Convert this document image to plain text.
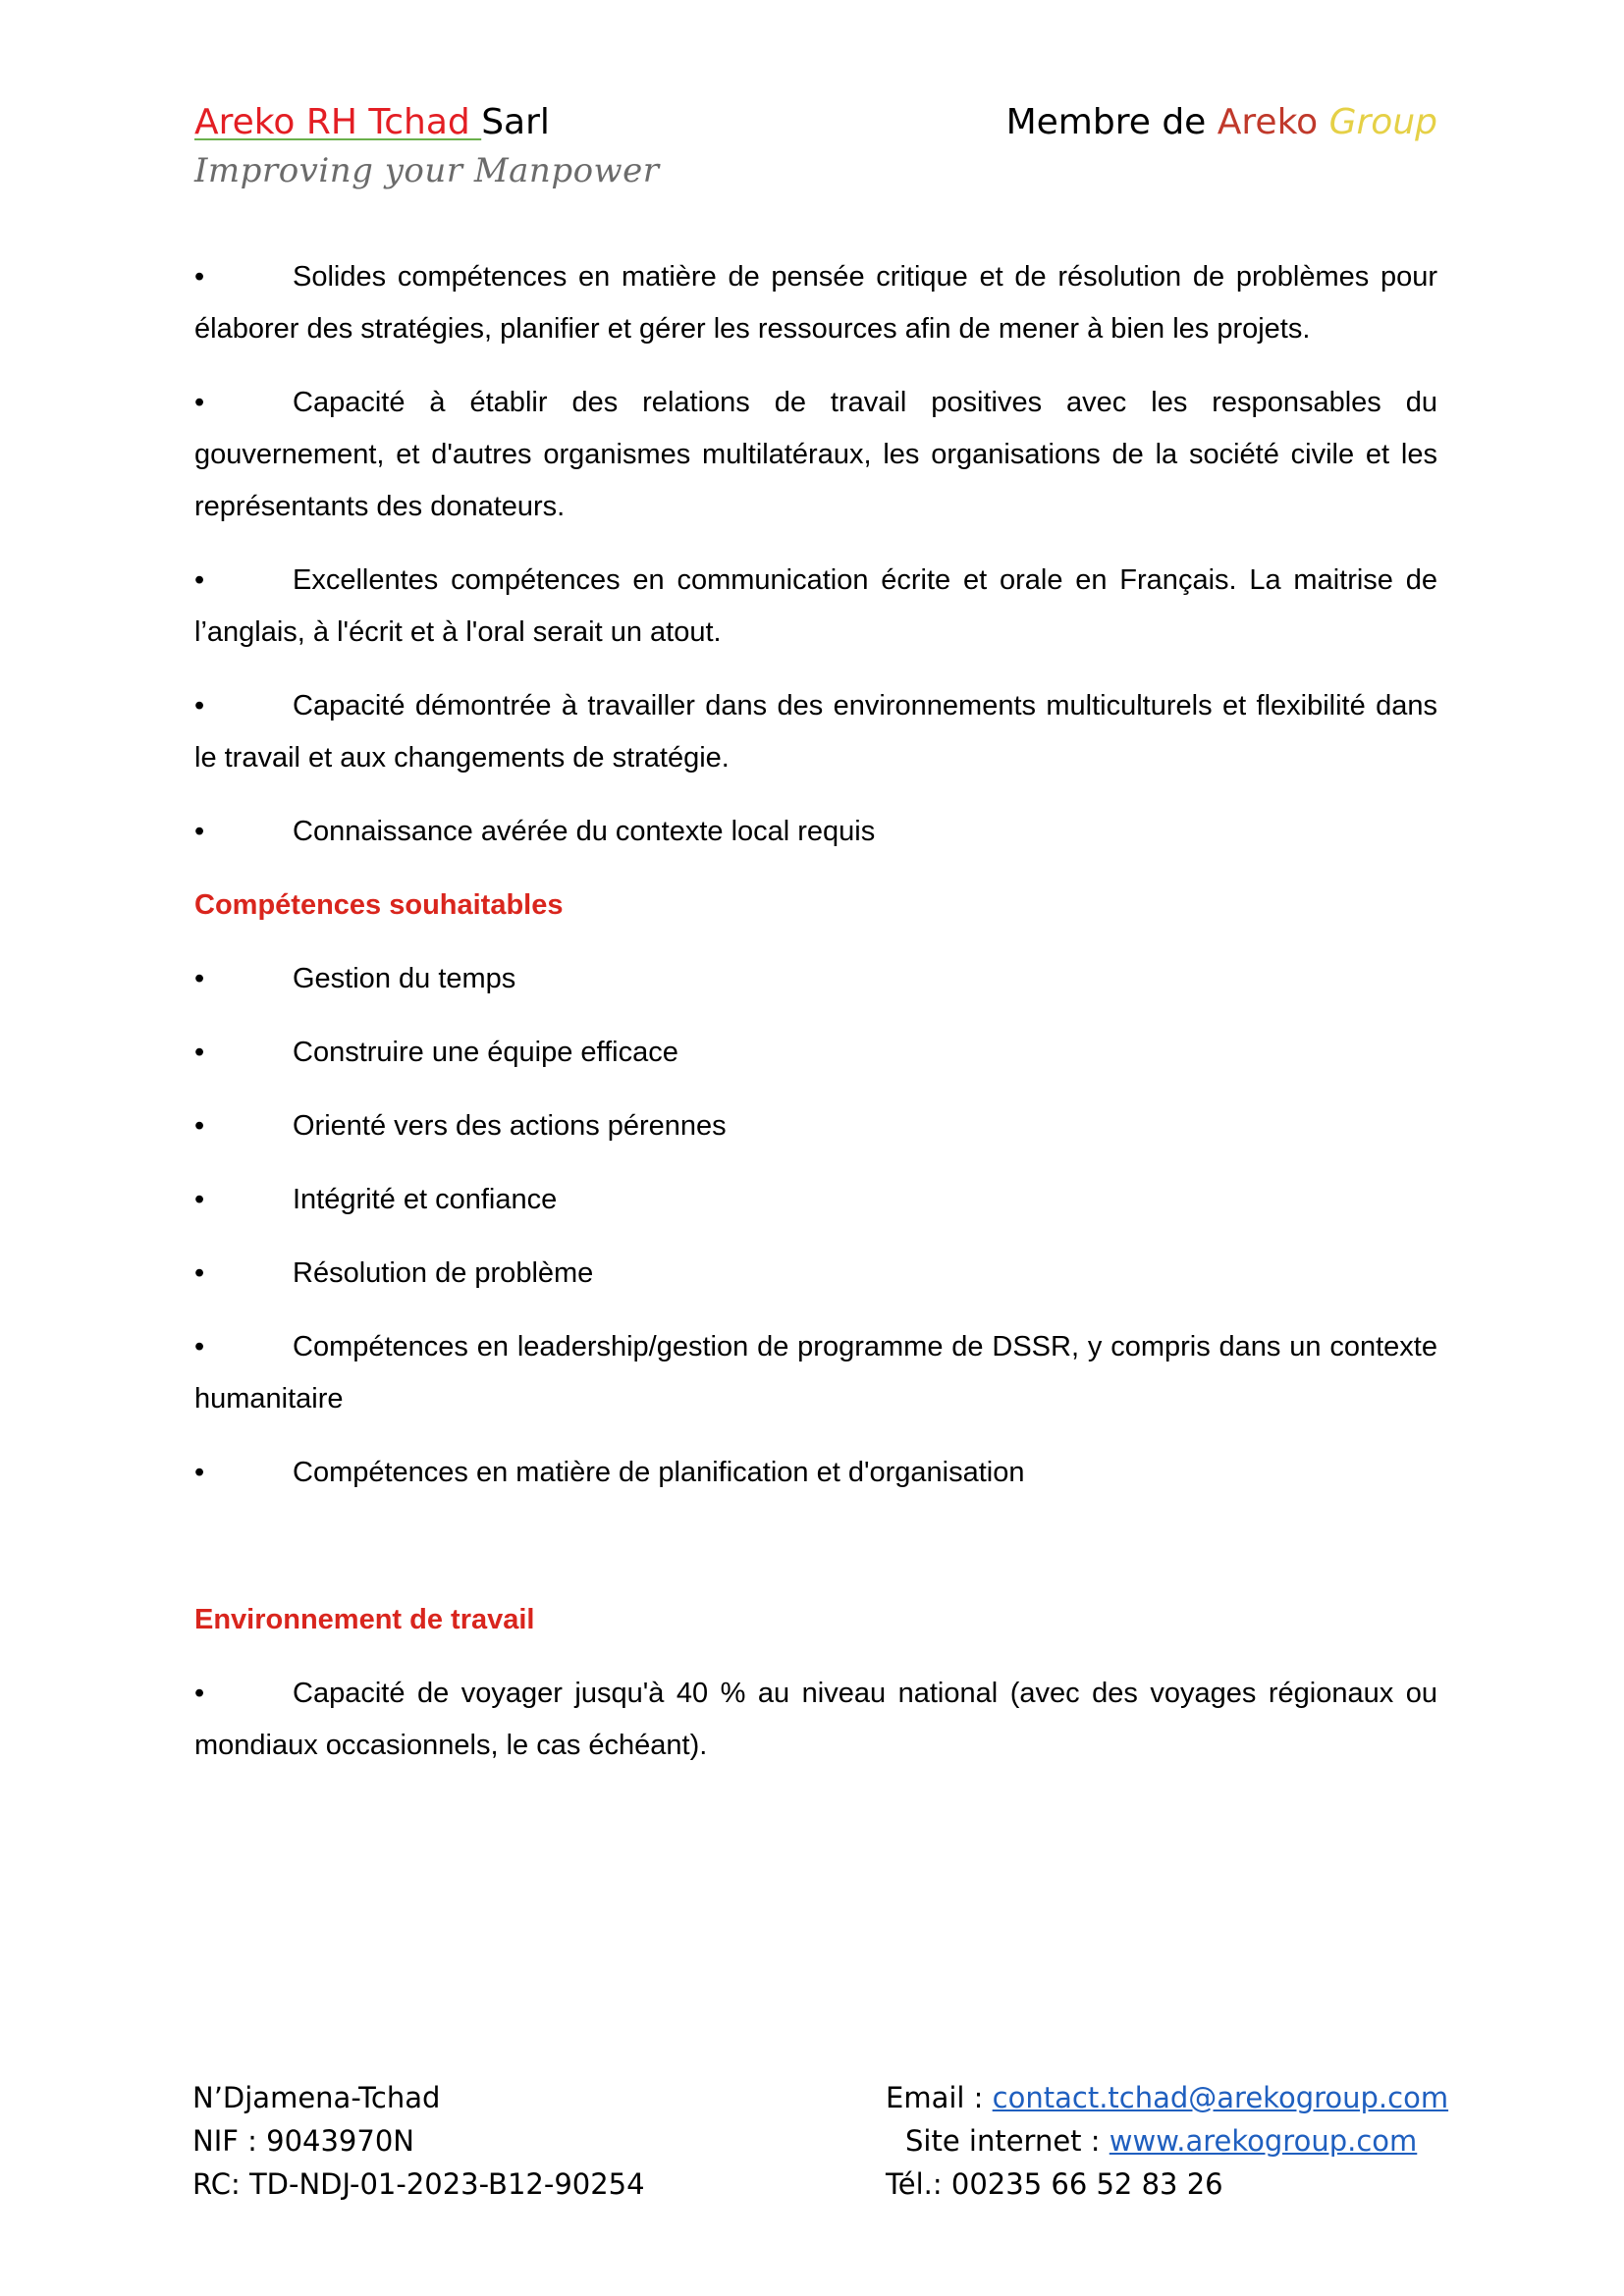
Areko RH Tchad Sarl
Improving your Manpower
Membre de Areko Group
•	Solides compétences en matière de pensée critique et de résolution de problèmes pour élaborer des stratégies, planifier et gérer les ressources afin de mener à bien les projets.
•	Capacité à établir des relations de travail positives avec les responsables du gouvernement, et d'autres organismes multilatéraux, les organisations de la société civile et les représentants des donateurs.
•	Excellentes compétences en communication écrite et orale en Français. La maitrise de l’anglais, à l'écrit et à l'oral serait un atout.
•	Capacité démontrée à travailler dans des environnements multiculturels et flexibilité dans le travail et aux changements de stratégie.
•	Connaissance avérée du contexte local requis
Compétences souhaitables
•	Gestion du temps
•	Construire une équipe efficace
•	Orienté vers des actions pérennes
•	Intégrité et confiance
•	Résolution de problème
•	Compétences en leadership/gestion de programme de DSSR, y compris dans un contexte humanitaire
•	Compétences en matière de planification et d'organisation
Environnement de travail
•	Capacité de voyager jusqu'à 40 % au niveau national (avec des voyages régionaux ou mondiaux occasionnels, le cas échéant).
N’Djamena-Tchad
NIF : 9043970N
RC: TD-NDJ-01-2023-B12-90254
Email : contact.tchad@arekogroup.com
Site internet : www.arekogroup.com
Tél.: 00235 66 52 83 26
